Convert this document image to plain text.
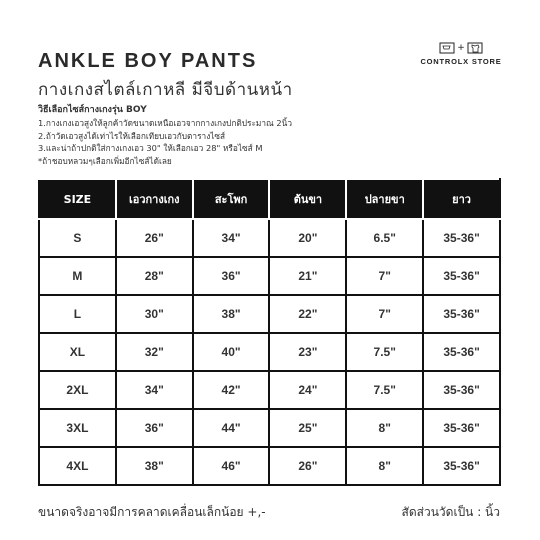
ANKLE BOY PANTS
กางเกงสไตล์เกาหลี มีจีบด้านหน้า
+
CONTROLX STORE
วิธีเลือกไซส์กางเกงรุ่น BOY
1.กางเกงเอวสูงให้ลูกค้าวัดขนาดเหนือเอวจากกางเกงปกติประมาณ 2นิ้ว
2.ถ้าวัดเอวสูงได้เท่าไรให้เลือกเทียบเอวกับตารางไซส์
3.และน่าถ้าปกติใส่กางเกงเอว 30" ให้เลือกเอว 28" หรือไซส์ M
*ถ้าชอบหลวมๆเลือกเพิ่มอีกไซส์ได้เลย
SIZE	เอวกางเกง	สะโพก	ต้นขา	ปลายขา	ยาว
S	26"	34"	20"	6.5"	35-36"
M	28"	36"	21"	7"	35-36"
L	30"	38"	22"	7"	35-36"
XL	32"	40"	23"	7.5"	35-36"
2XL	34"	42"	24"	7.5"	35-36"
3XL	36"	44"	25"	8"	35-36"
4XL	38"	46"	26"	8"	35-36"
ขนาดจริงอาจมีการคลาดเคลื่อนเล็กน้อย +,-	สัดส่วนวัดเป็น : นิ้ว
